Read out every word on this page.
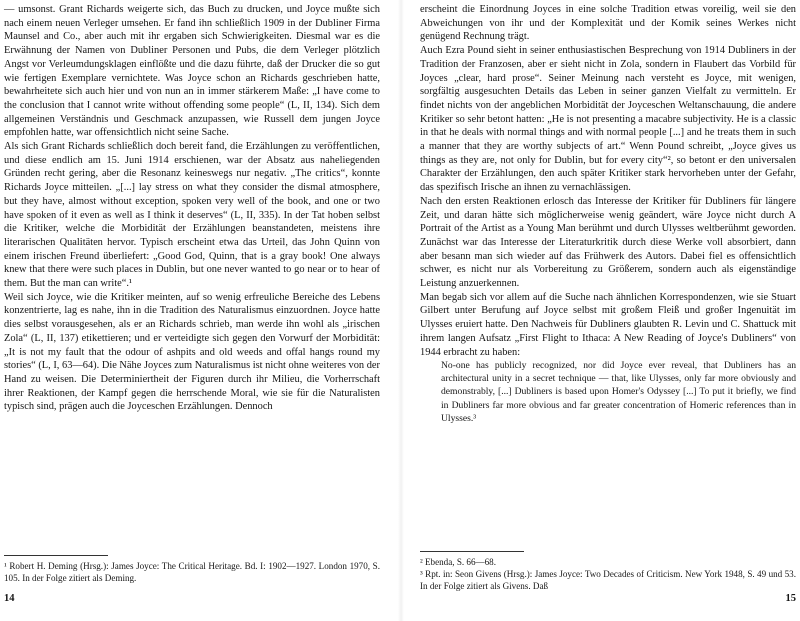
— umsonst. Grant Richards weigerte sich, das Buch zu drucken, und Joyce mußte sich nach einem neuen Verleger umsehen. Er fand ihn schließlich 1909 in der Dubliner Firma Maunsel and Co., aber auch mit ihr ergaben sich Schwierigkeiten. Diesmal war es die Erwähnung der Namen von Dubliner Personen und Pubs, die dem Verleger plötzlich Angst vor Verleumdungsklagen einflößte und die dazu führte, daß der Drucker die so gut wie fertigen Exemplare vernichtete. Was Joyce schon an Richards geschrieben hatte, bewahrheitete sich auch hier und von nun an in immer stärkerem Maße: „I have come to the conclusion that I cannot write without offending some people“ (L, II, 134). Sich dem allgemeinen Verständnis und Geschmack anzupassen, wie Russell dem jungen Joyce empfohlen hatte, war offensichtlich nicht seine Sache.
Als sich Grant Richards schließlich doch bereit fand, die Erzählungen zu veröffentlichen, und diese endlich am 15. Juni 1914 erschienen, war der Absatz aus naheliegenden Gründen recht gering, aber die Resonanz keineswegs nur negativ. „The critics“, konnte Richards Joyce mitteilen. „[...] lay stress on what they consider the dismal atmosphere, but they have, almost without exception, spoken very well of the book, and one or two have spoken of it even as well as I think it deserves“ (L, II, 335). In der Tat hoben selbst die Kritiker, welche die Morbidität der Erzählungen beanstandeten, meistens ihre literarischen Qualitäten hervor. Typisch erscheint etwa das Urteil, das John Quinn von einem irischen Freund überliefert: „Good God, Quinn, that is a gray book! One always knew that there were such places in Dublin, but one never wanted to go near or to hear of them. But the man can write“.¹
Weil sich Joyce, wie die Kritiker meinten, auf so wenig erfreuliche Bereiche des Lebens konzentrierte, lag es nahe, ihn in die Tradition des Naturalismus einzuordnen. Joyce hatte dies selbst vorausgesehen, als er an Richards schrieb, man werde ihn wohl als „irischen Zola“ (L, II, 137) etikettieren; und er verteidigte sich gegen den Vorwurf der Morbidität: „It is not my fault that the odour of ashpits and old weeds and offal hangs round my stories“ (L, I, 63—64). Die Nähe Joyces zum Naturalismus ist nicht ohne weiteres von der Hand zu weisen. Die Determiniertheit der Figuren durch ihr Milieu, die Vorherrschaft ihrer Reaktionen, der Kampf gegen die herrschende Moral, wie sie für die Naturalisten typisch sind, prägen auch die Joyceschen Erzählungen. Dennoch
¹ Robert H. Deming (Hrsg.): James Joyce: The Critical Heritage. Bd. I: 1902—1927. London 1970, S. 105. In der Folge zitiert als Deming.
14
erscheint die Einordnung Joyces in eine solche Tradition etwas voreilig, weil sie den Abweichungen von ihr und der Komplexität und der Komik seines Werkes nicht genügend Rechnung trägt.
Auch Ezra Pound sieht in seiner enthusiastischen Besprechung von 1914 Dubliners in der Tradition der Franzosen, aber er sieht nicht in Zola, sondern in Flaubert das Vorbild für Joyces „clear, hard prose“. Seiner Meinung nach versteht es Joyce, mit wenigen, sorgfältig ausgesuchten Details das Leben in seiner ganzen Vielfalt zu vermitteln. Er findet nichts von der angeblichen Morbidität der Joyceschen Weltanschauung, die andere Kritiker so sehr betont hatten: „He is not presenting a macabre subjectivity. He is a classic in that he deals with normal things and with normal people [...] and he treats them in such a manner that they are worthy subjects of art.“ Wenn Pound schreibt, „Joyce gives us things as they are, not only for Dublin, but for every city“², so betont er den universalen Charakter der Erzählungen, den auch später Kritiker stark hervorheben unter der Gefahr, das spezifisch Irische an ihnen zu vernachlässigen.
Nach den ersten Reaktionen erlosch das Interesse der Kritiker für Dubliners für längere Zeit, und daran hätte sich möglicherweise wenig geändert, wäre Joyce nicht durch A Portrait of the Artist as a Young Man berühmt und durch Ulysses weltberühmt geworden. Zunächst war das Interesse der Literaturkritik durch diese Werke voll absorbiert, dann aber besann man sich wieder auf das Frühwerk des Autors. Dabei fiel es offensichtlich schwer, es nicht nur als Vorbereitung zu Größerem, sondern auch als eigenständige Leistung anzuerkennen.
Man begab sich vor allem auf die Suche nach ähnlichen Korrespondenzen, wie sie Stuart Gilbert unter Berufung auf Joyce selbst mit großem Fleiß und großer Ingenuität im Ulysses eruiert hatte. Den Nachweis für Dubliners glaubten R. Levin und C. Shattuck mit ihrem langen Aufsatz „First Flight to Ithaca: A New Reading of Joyce's Dubliners“ von 1944 erbracht zu haben:
No-one has publicly recognized, nor did Joyce ever reveal, that Dubliners has an architectural unity in a secret technique — that, like Ulysses, only far more obviously and demonstrably, [...] Dubliners is based upon Homer's Odyssey [...] To put it briefly, we find in Dubliners far more obvious and far greater concentration of Homeric references than in Ulysses.³
² Ebenda, S. 66—68.
³ Rpt. in: Seon Givens (Hrsg.): James Joyce: Two Decades of Criticism. New York 1948, S. 49 und 53. In der Folge zitiert als Givens. Daß
15
